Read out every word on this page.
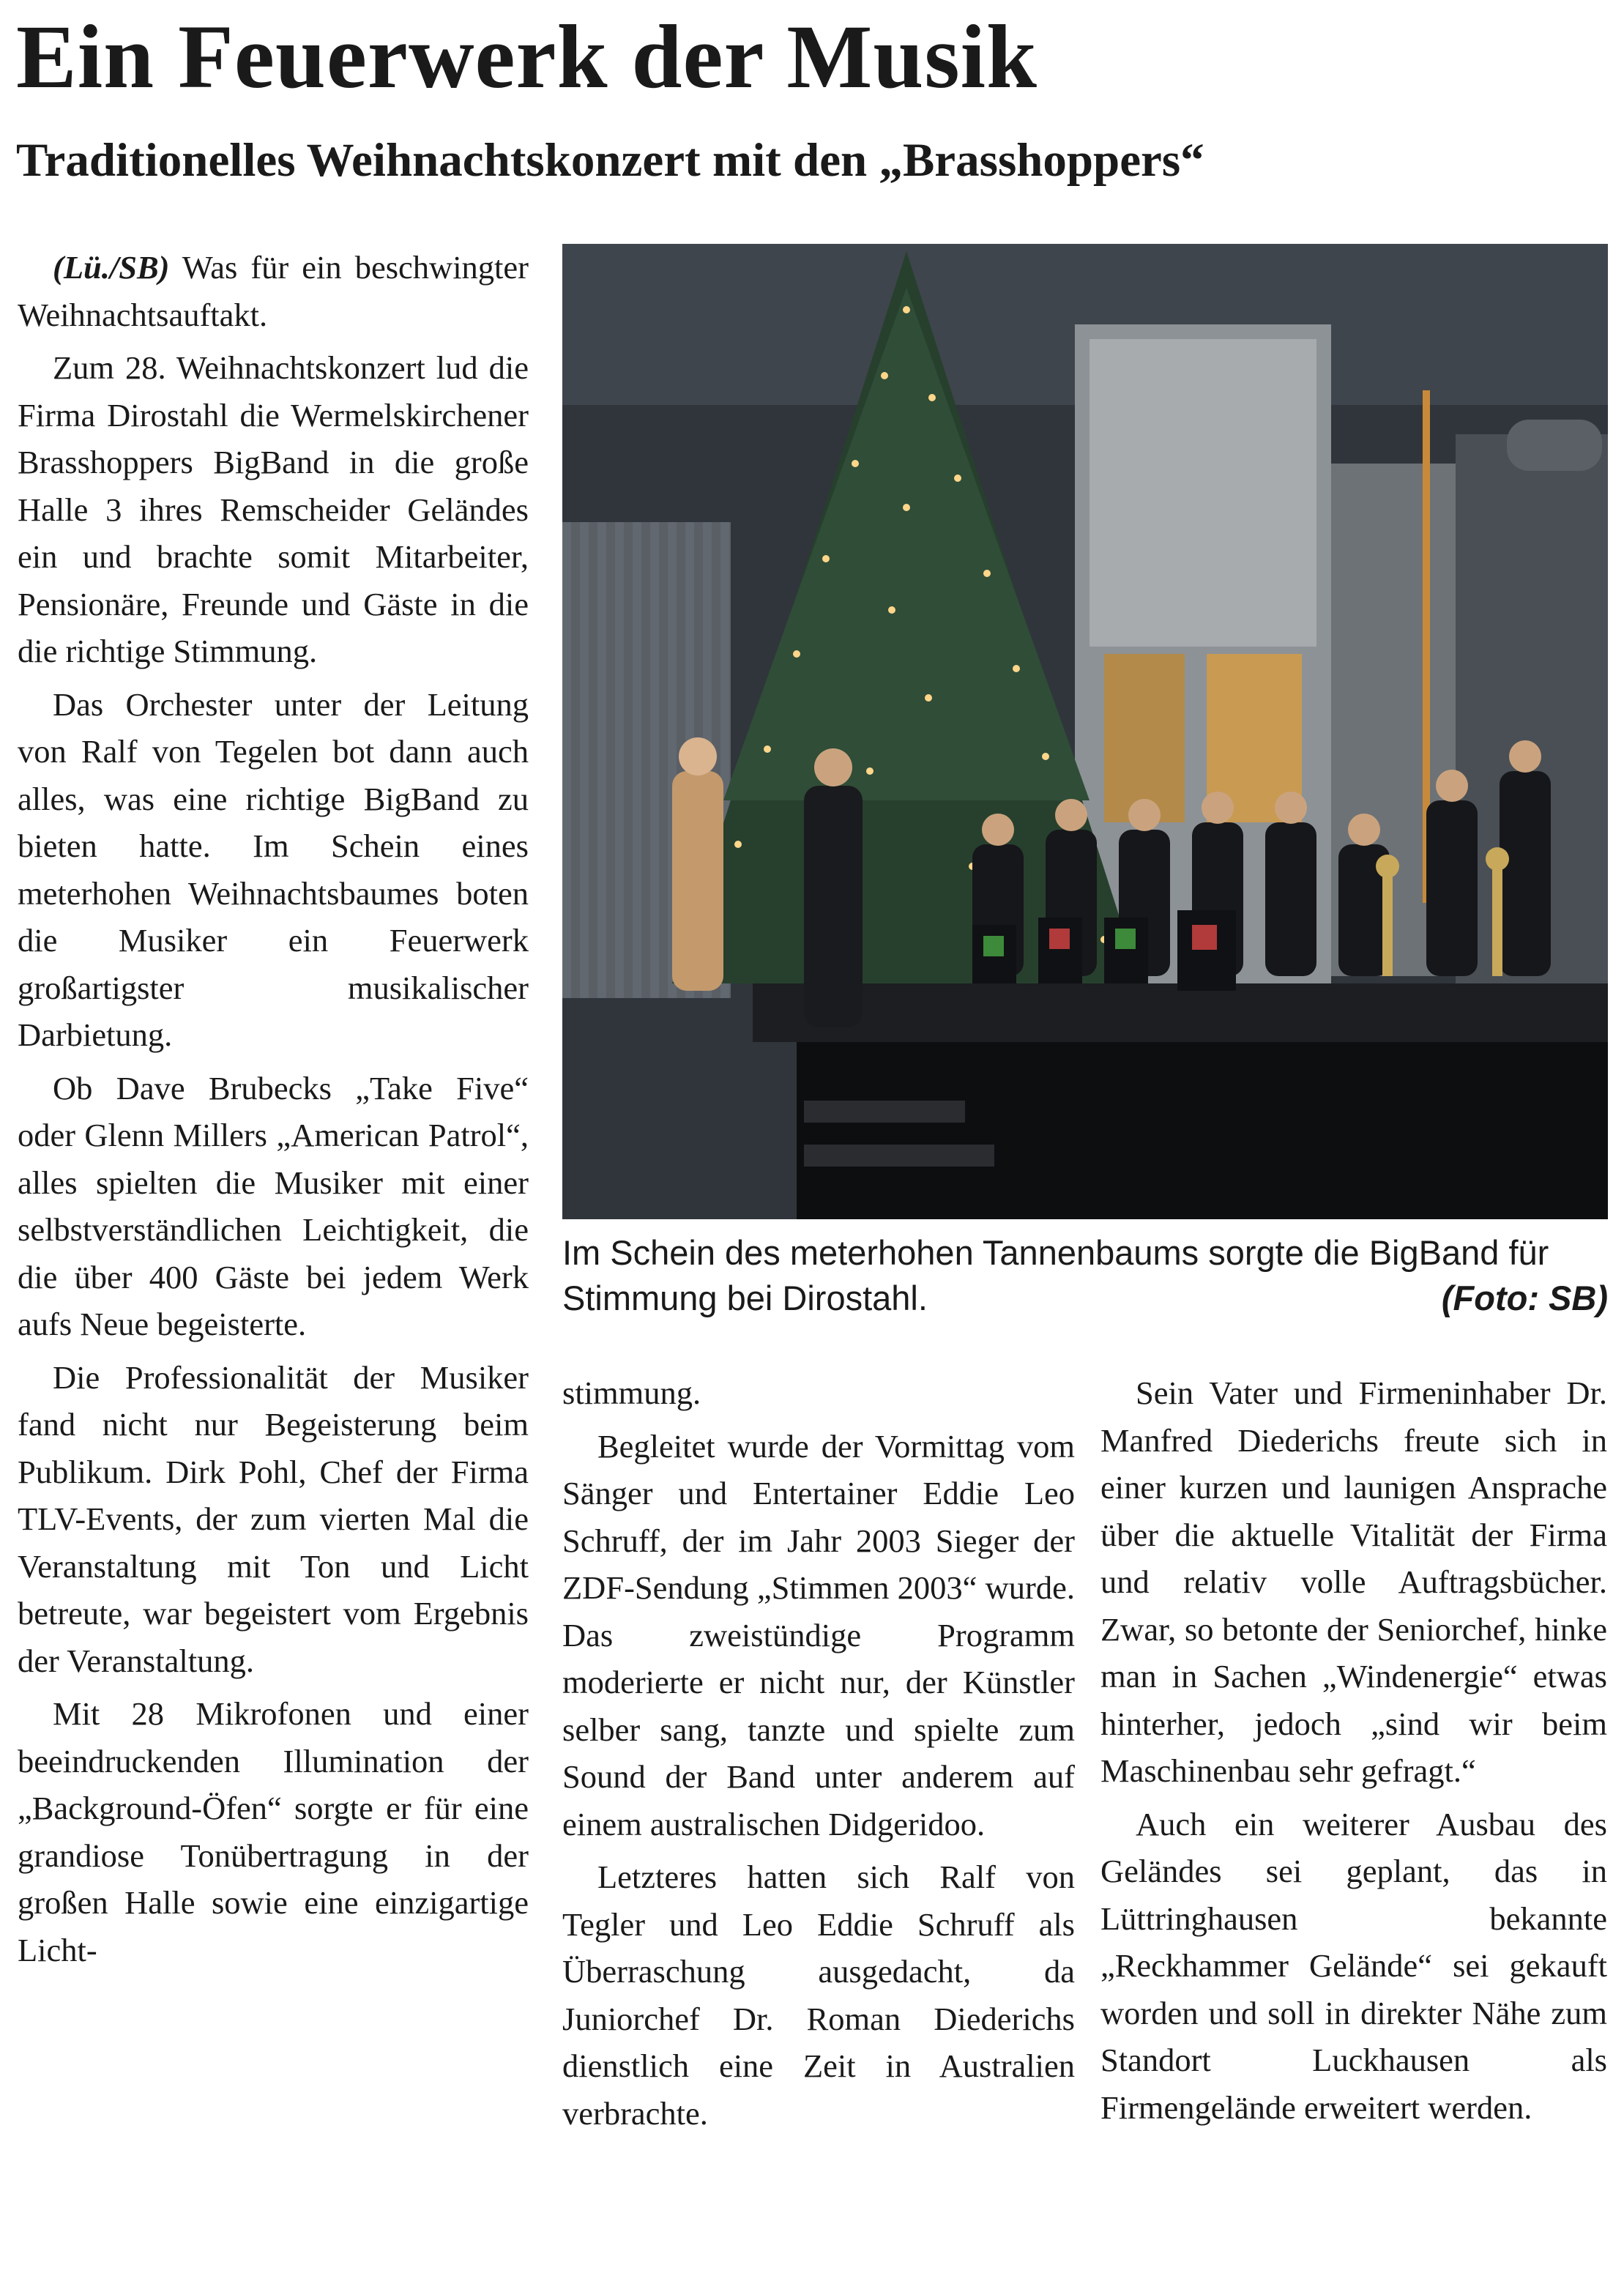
Ein Feuerwerk der Musik
Traditionelles Weihnachtskonzert mit den „Brasshoppers“

(Lü./SB) Was für ein beschwingter Weihnachtsauftakt.

Zum 28. Weihnachtskonzert lud die Firma Dirostahl die Wermelskirchener Brasshoppers BigBand in die große Halle 3 ihres Remscheider Geländes ein und brachte somit Mitarbeiter, Pensionäre, Freunde und Gäste in die die richtige Stimmung.

Das Orchester unter der Leitung von Ralf von Tegelen bot dann auch alles, was eine richtige BigBand zu bieten hatte. Im Schein eines meterhohen Weihnachtsbaumes boten die Musiker ein Feuerwerk großartigster musikalischer Darbietung.

Ob Dave Brubecks „Take Five“ oder Glenn Millers „American Patrol“, alles spielten die Musiker mit einer selbstverständlichen Leichtigkeit, die die über 400 Gäste bei jedem Werk aufs Neue begeisterte.

Die Professionalität der Musiker fand nicht nur Begeisterung beim Publikum. Dirk Pohl, Chef der Firma TLV-Events, der zum vierten Mal die Veranstaltung mit Ton und Licht betreute, war begeistert vom Ergebnis der Veranstaltung.

Mit 28 Mikrofonen und einer beeindruckenden Illumination der „Background-Öfen“ sorgte er für eine grandiose Tonübertragung in der großen Halle sowie eine einzigartige Licht-

Im Schein des meterhohen Tannenbaums sorgte die BigBand für Stimmung bei Dirostahl.	(Foto: SB)

stimmung.

Begleitet wurde der Vormittag vom Sänger und Entertainer Eddie Leo Schruff, der im Jahr 2003 Sieger der ZDF-Sendung „Stimmen 2003“ wurde. Das zweistündige Programm moderierte er nicht nur, der Künstler selber sang, tanzte und spielte zum Sound der Band unter anderem auf einem australischen Didgeridoo.

Letzteres hatten sich Ralf von Tegler und Leo Eddie Schruff als Überraschung ausgedacht, da Juniorchef Dr. Roman Diederichs dienstlich eine Zeit in Australien verbrachte.

Sein Vater und Firmeninhaber Dr. Manfred Diederichs freute sich in einer kurzen und launigen Ansprache über die aktuelle Vitalität der Firma und relativ volle Auftragsbücher. Zwar, so betonte der Seniorchef, hinke man in Sachen „Windenergie“ etwas hinterher, jedoch „sind wir beim Maschinenbau sehr gefragt.“

Auch ein weiterer Ausbau des Geländes sei geplant, das in Lüttringhausen bekannte „Reckhammer Gelände“ sei gekauft worden und soll in direkter Nähe zum Standort Luckhausen als Firmengelände erweitert werden.
